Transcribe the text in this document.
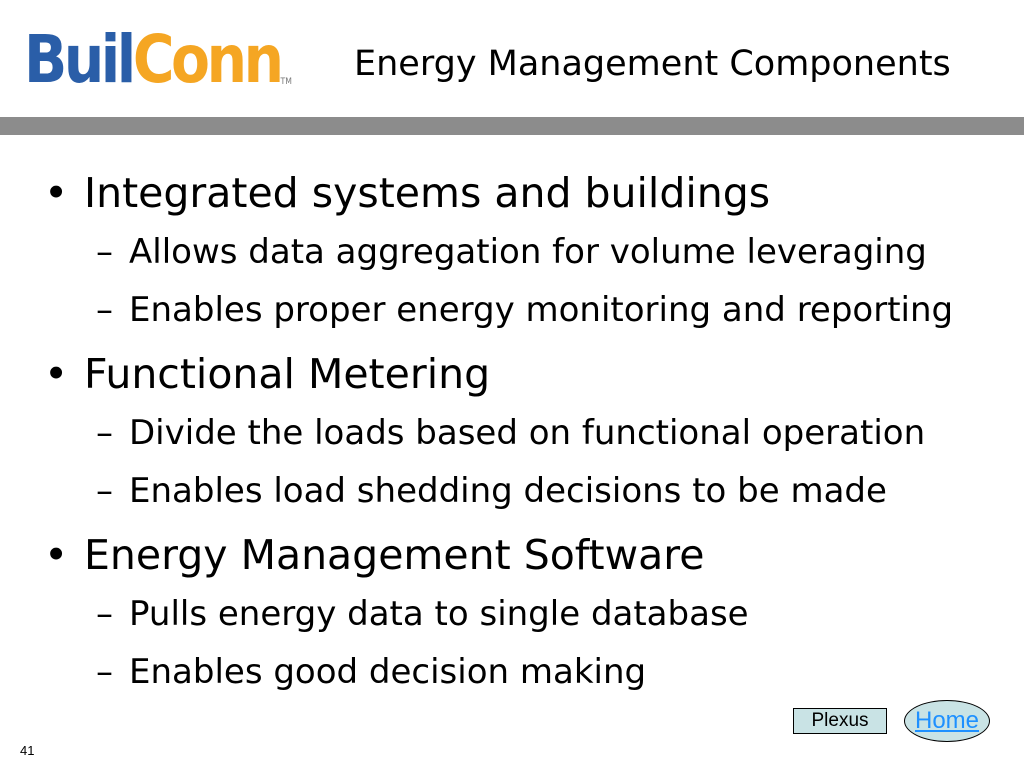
BuilConn™ Energy Management Components
• Integrated systems and buildings
– Allows data aggregation for volume leveraging
– Enables proper energy monitoring and reporting
• Functional Metering
– Divide the loads based on functional operation
– Enables load shedding decisions to be made
• Energy Management Software
– Pulls energy data to single database
– Enables good decision making
Plexus	Home
41
